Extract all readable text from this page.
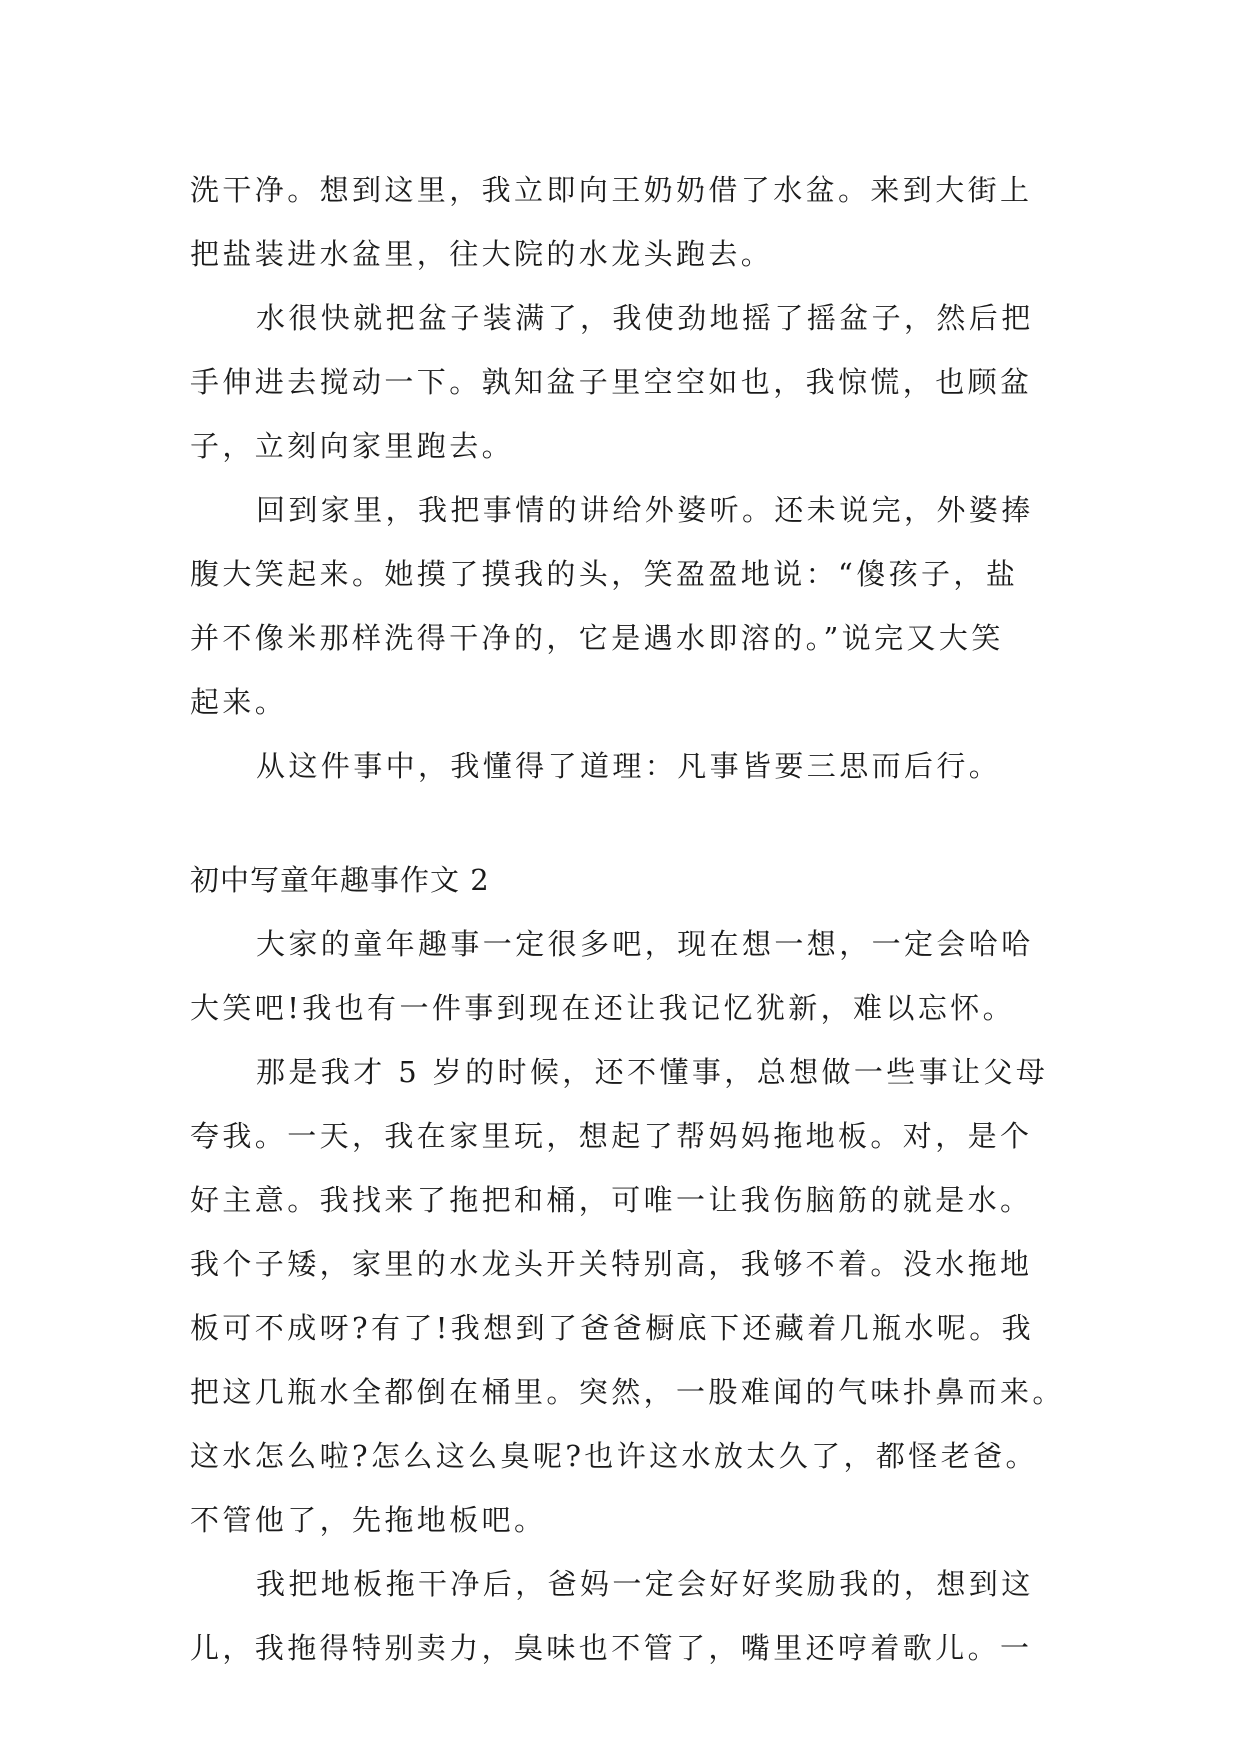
洗干净。想到这里，我立即向王奶奶借了水盆。来到大街上
把盐装进水盆里，往大院的水龙头跑去。
水很快就把盆子装满了，我使劲地摇了摇盆子，然后把
手伸进去搅动一下。孰知盆子里空空如也，我惊慌，也顾盆
子，立刻向家里跑去。
回到家里，我把事情的讲给外婆听。还未说完，外婆捧
腹大笑起来。她摸了摸我的头，笑盈盈地说：“傻孩子，盐
并不像米那样洗得干净的，它是遇水即溶的。”说完又大笑
起来。
从这件事中，我懂得了道理：凡事皆要三思而后行。
初中写童年趣事作文 2
大家的童年趣事一定很多吧，现在想一想，一定会哈哈
大笑吧!我也有一件事到现在还让我记忆犹新，难以忘怀。
那是我才 5 岁的时候，还不懂事，总想做一些事让父母
夸我。一天，我在家里玩，想起了帮妈妈拖地板。对，是个
好主意。我找来了拖把和桶，可唯一让我伤脑筋的就是水。
我个子矮，家里的水龙头开关特别高，我够不着。没水拖地
板可不成呀?有了!我想到了爸爸橱底下还藏着几瓶水呢。我
把这几瓶水全都倒在桶里。突然，一股难闻的气味扑鼻而来。
这水怎么啦?怎么这么臭呢?也许这水放太久了，都怪老爸。
不管他了，先拖地板吧。
我把地板拖干净后，爸妈一定会好好奖励我的，想到这
儿，我拖得特别卖力，臭味也不管了，嘴里还哼着歌儿。一
